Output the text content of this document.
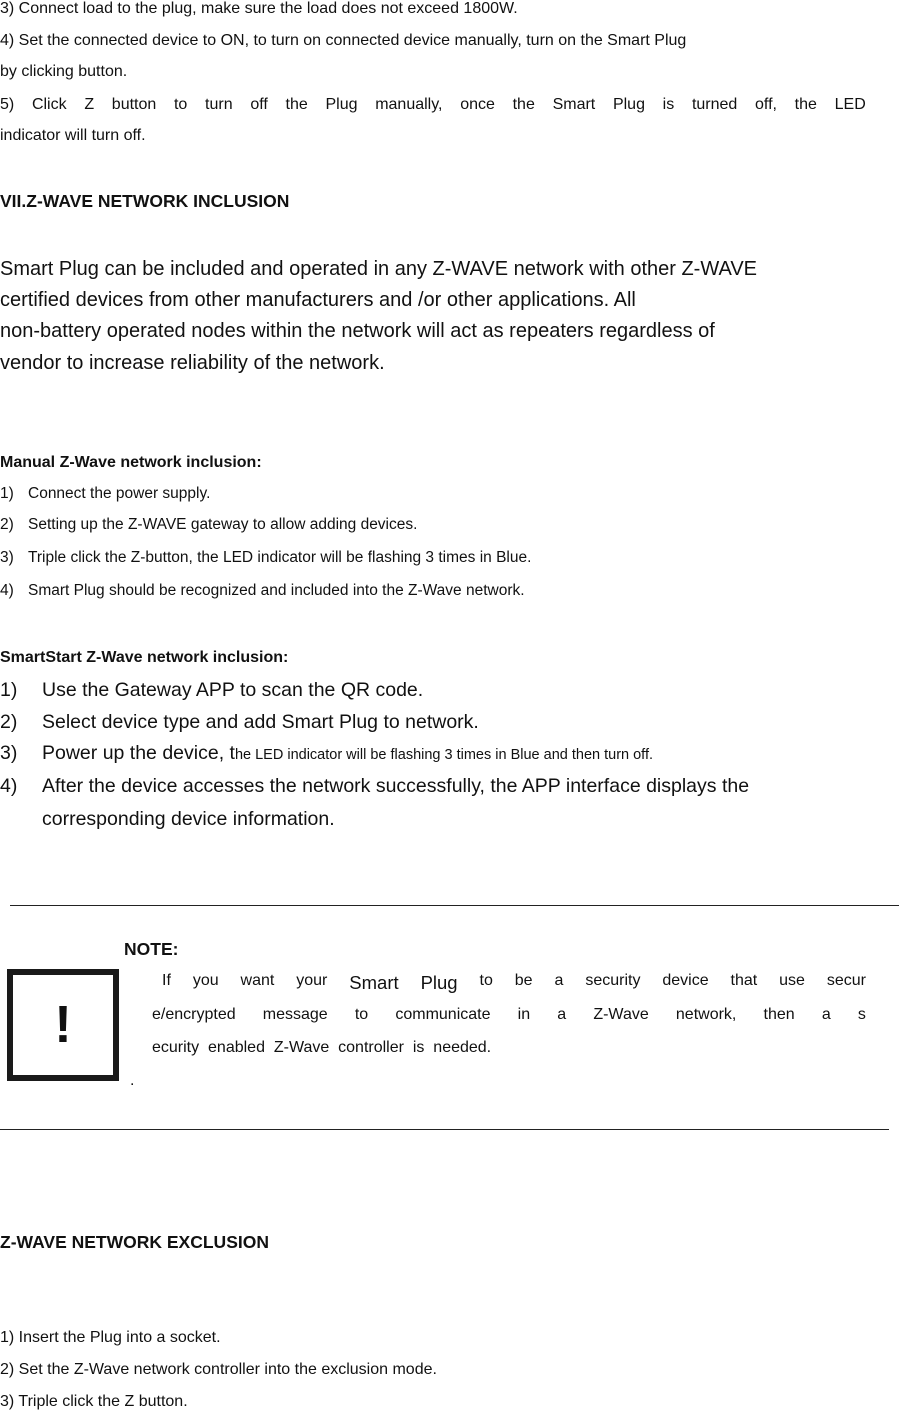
3) Connect load to the plug, make sure the load does not exceed 1800W.
4) Set the connected device to ON, to turn on connected device manually, turn on the Smart Plug
by clicking button.
5) Click Z button to turn off the Plug manually, once the Smart Plug is turned off, the LED
indicator will turn off.
VII.Z-WAVE NETWORK INCLUSION
Smart Plug can be included and operated in any Z-WAVE network with other Z-WAVE
certified devices from other manufacturers and /or other applications. All
non-battery operated nodes within the network will act as repeaters regardless of
vendor to increase reliability of the network.
Manual Z-Wave network inclusion:
1) Connect the power supply.
2) Setting up the Z-WAVE gateway to allow adding devices.
3) Triple click the Z-button, the LED indicator will be flashing 3 times in Blue.
4) Smart Plug should be recognized and included into the Z-Wave network.
SmartStart Z-Wave network inclusion:
1) Use the Gateway APP to scan the QR code.
2) Select device type and add Smart Plug to network.
3) Power up the device, the LED indicator will be flashing 3 times in Blue and then turn off.
4) After the device accesses the network successfully, the APP interface displays the
corresponding device information.
NOTE:
!
If you want your Smart Plug to be a security device that use secur
e/encrypted message to communicate in a Z-Wave network, then a s
ecurity  enabled  Z-Wave  controller  is  needed.
.
Z-WAVE NETWORK EXCLUSION
1) Insert the Plug into a socket.
2) Set the Z-Wave network controller into the exclusion mode.
3) Triple click the Z button.
